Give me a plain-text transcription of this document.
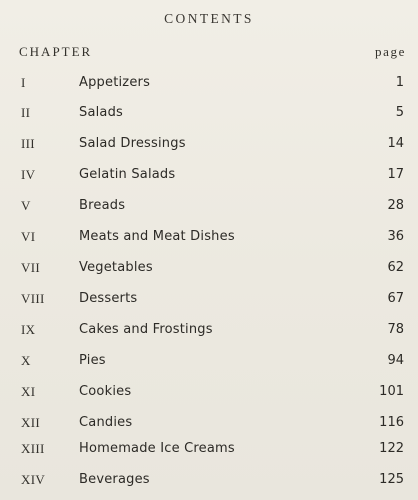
CONTENTS
CHAPTER	page
I	Appetizers	1
II	Salads	5
III	Salad Dressings	14
IV	Gelatin Salads	17
V	Breads	28
VI	Meats and Meat Dishes	36
VII	Vegetables	62
VIII	Desserts	67
IX	Cakes and Frostings	78
X	Pies	94
XI	Cookies	101
XII	Candies	116
XIII	Homemade Ice Creams	122
XIV	Beverages	125
